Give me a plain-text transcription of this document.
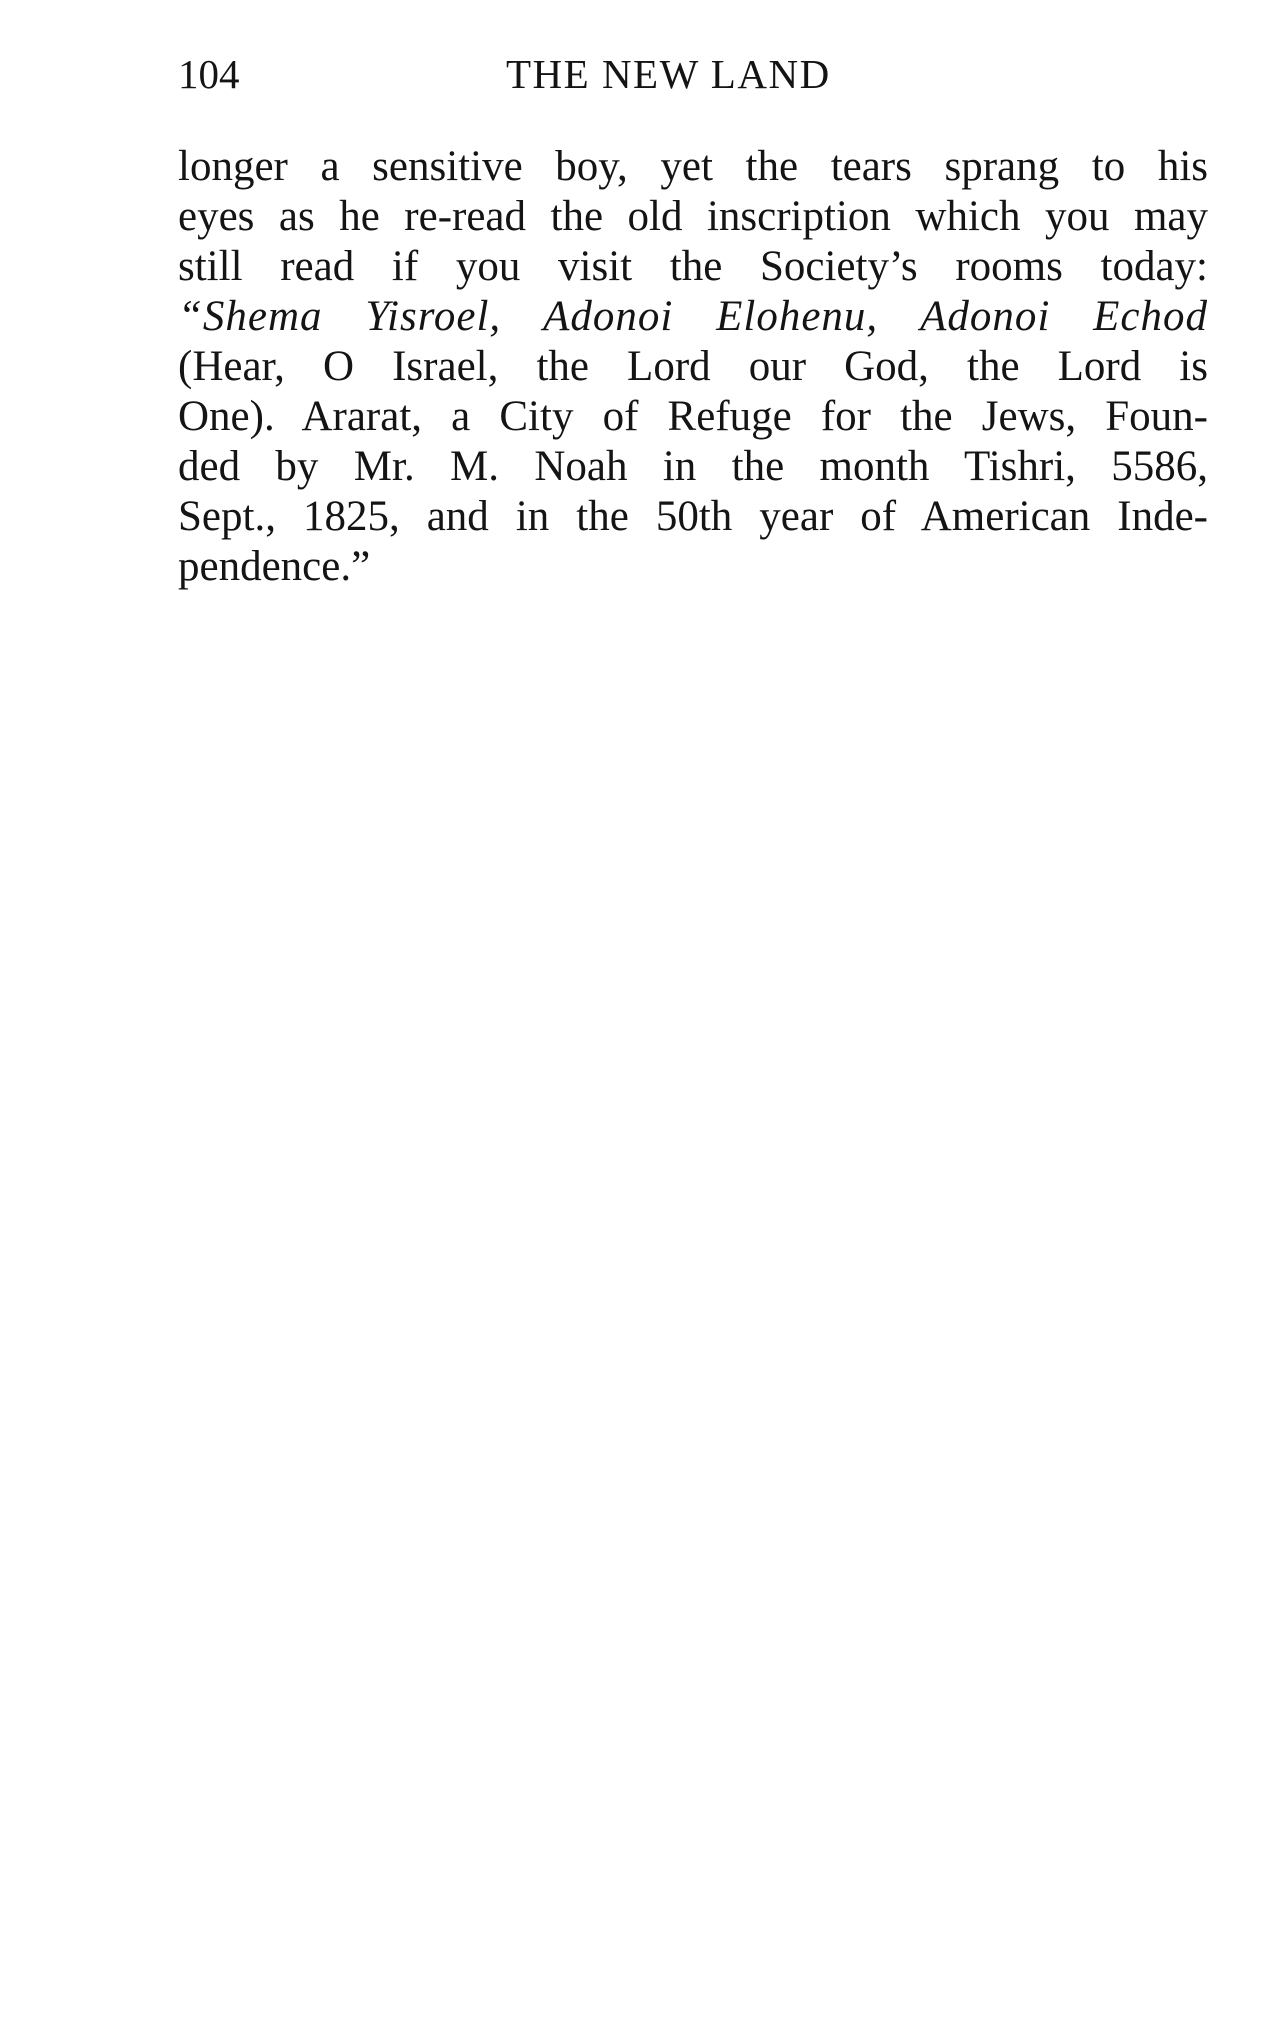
104	THE NEW LAND
longer a sensitive boy, yet the tears sprang to his
eyes as he re-read the old inscription which you may
still read if you visit the Society’s rooms today:
“Shema Yisroel, Adonoi Elohenu, Adonoi Echod
(Hear, O Israel, the Lord our God, the Lord is
One). Ararat, a City of Refuge for the Jews, Foun-
ded by Mr. M. Noah in the month Tishri, 5586,
Sept., 1825, and in the 50th year of American Inde-
pendence.”
